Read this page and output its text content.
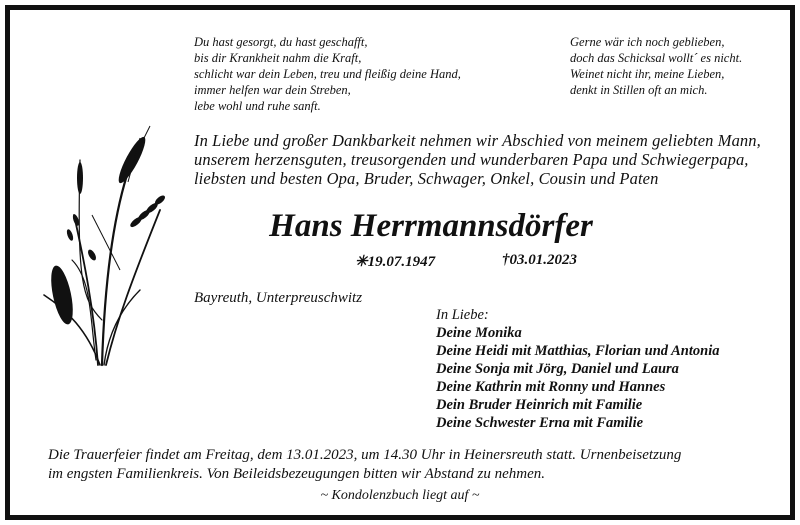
Du hast gesorgt, du hast geschafft,
bis dir Krankheit nahm die Kraft,
schlicht war dein Leben, treu und fleißig deine Hand,
immer helfen war dein Streben,
lebe wohl und ruhe sanft.
Gerne wär ich noch geblieben,
doch das Schicksal wollt´ es nicht.
Weinet nicht ihr, meine Lieben,
denkt in Stillen oft an mich.
In Liebe und großer Dankbarkeit nehmen wir Abschied von meinem geliebten Mann,
unserem herzensguten, treusorgenden und wunderbaren Papa und Schwiegerpapa,
liebsten und besten Opa, Bruder, Schwager, Onkel, Cousin und Paten
Hans Herrmannsdörfer
✳19.07.1947	†03.01.2023
Bayreuth, Unterpreuschwitz
In Liebe:
Deine Monika
Deine Heidi mit Matthias, Florian und Antonia
Deine Sonja mit Jörg, Daniel und Laura
Deine Kathrin mit Ronny und Hannes
Dein Bruder Heinrich mit Familie
Deine Schwester Erna mit Familie
Die Trauerfeier findet am Freitag, dem 13.01.2023, um 14.30 Uhr in Heinersreuth statt. Urnenbeisetzung
im engsten Familienkreis. Von Beileidsbezeugungen bitten wir Abstand zu nehmen.
~ Kondolenzbuch liegt auf ~
